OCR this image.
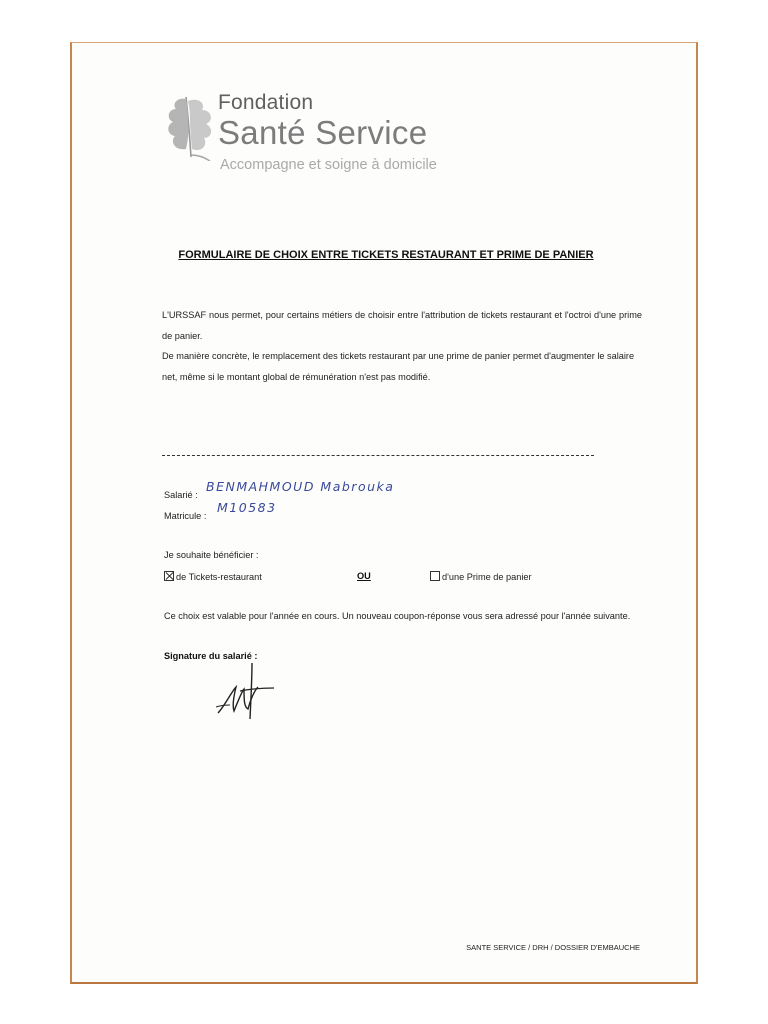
Fondation
Santé Service
Accompagne et soigne à domicile
FORMULAIRE DE CHOIX ENTRE TICKETS RESTAURANT ET PRIME DE PANIER
L'URSSAF nous permet, pour certains métiers de choisir entre l'attribution de tickets restaurant et l'octroi d'une prime de panier.
De manière concrète, le remplacement des tickets restaurant par une prime de panier permet d'augmenter le salaire net, même si le montant global de rémunération n'est pas modifié.
Salarié :
BENMAHMOUD Mabrouka
Matricule :
M10583
Je souhaite bénéficier :
de Tickets-restaurant	OU	d'une Prime de panier
Ce choix est valable pour l'année en cours. Un nouveau coupon-réponse vous sera adressé pour l'année suivante.
Signature du salarié :
SANTE SERVICE / DRH / DOSSIER D'EMBAUCHE
